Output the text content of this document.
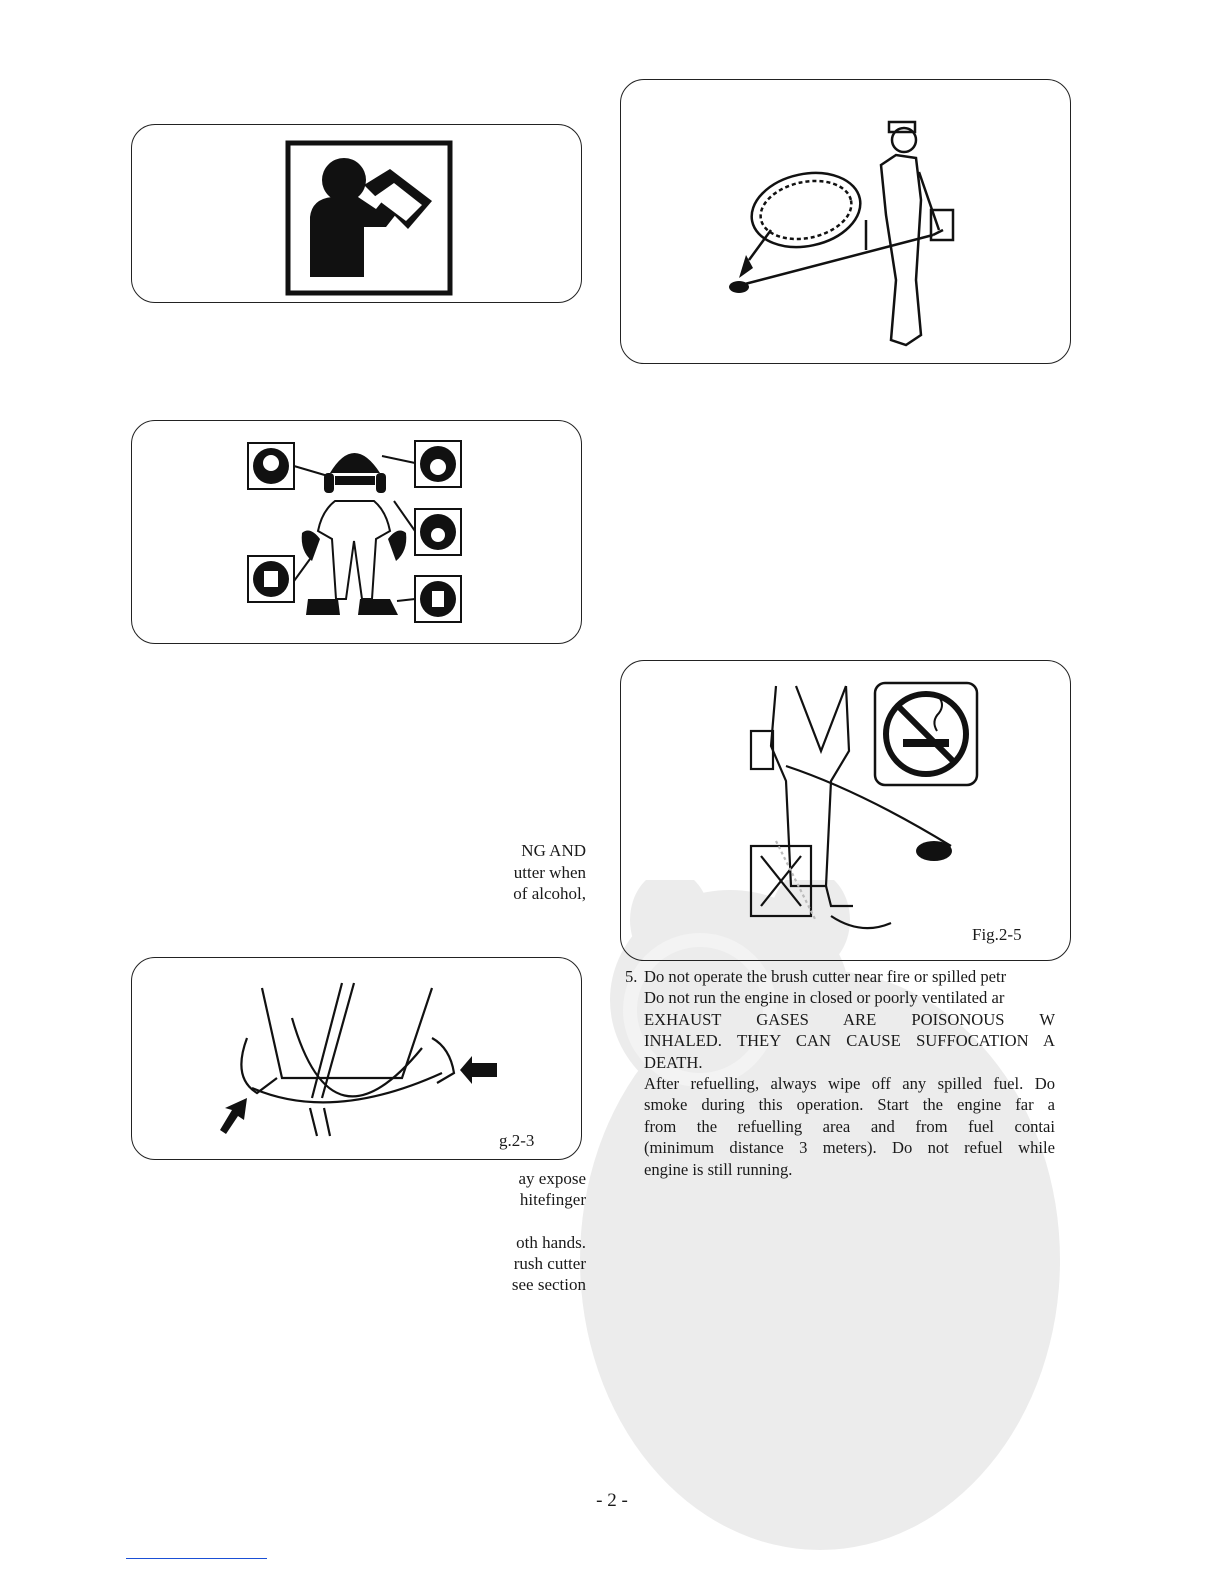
g.2-3
Fig.2-5
NG AND
utter when
of alcohol,
ay expose
hitefinger
oth hands.
rush cutter
see section
5. Do not operate the brush cutter near fire or spilled petr

Do not run the engine in closed or poorly ventilated ar

EXHAUST GASES ARE POISONOUS W

INHALED. THEY CAN CAUSE SUFFOCATION A

DEATH.

After refuelling, always wipe off any spilled fuel. Do

smoke during this operation. Start the engine far a

from the refuelling area and from fuel contai

(minimum distance 3 meters). Do not refuel while

engine is still running.

- 2 -
